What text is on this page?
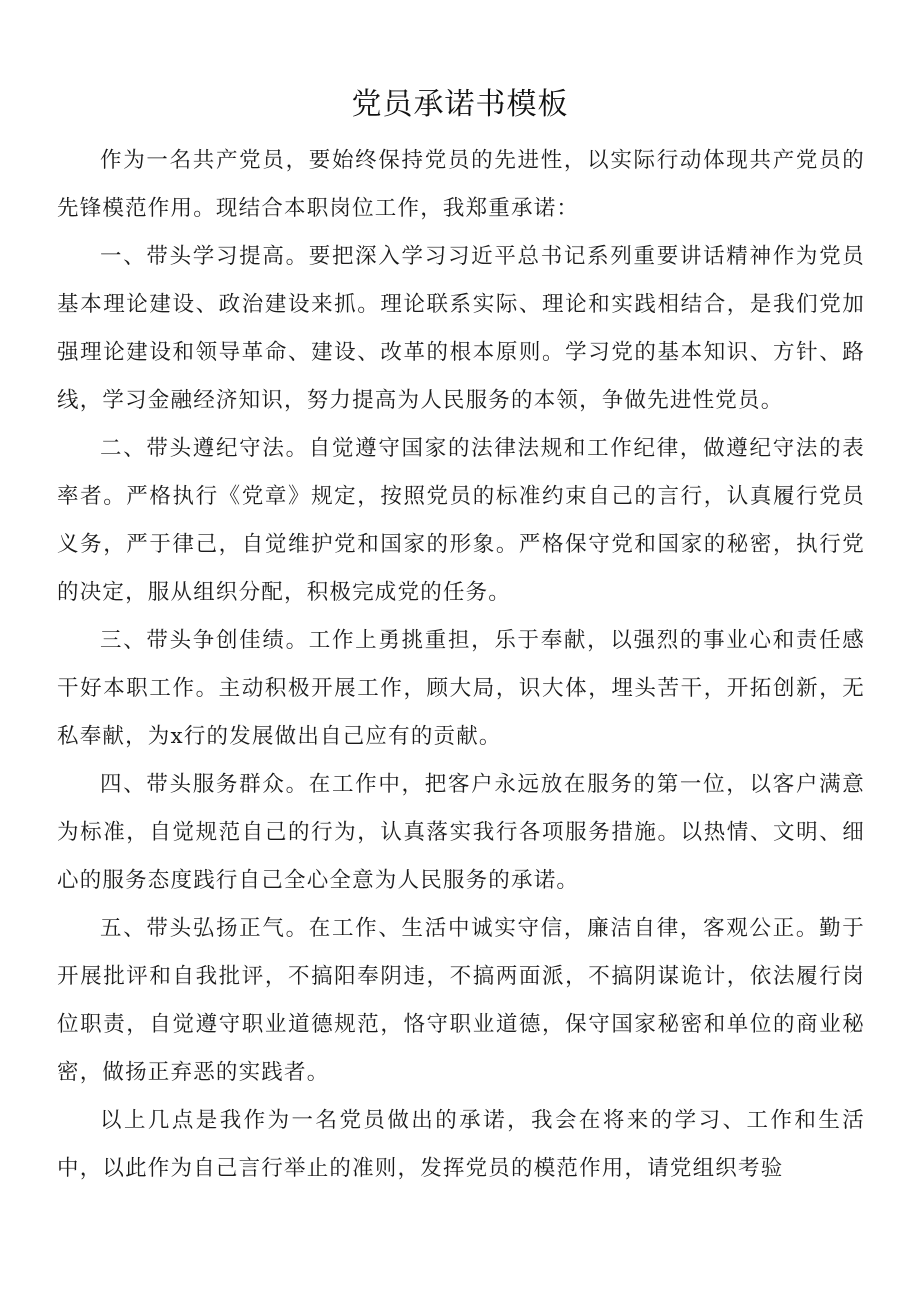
党员承诺书模板

作为一名共产党员，要始终保持党员的先进性，以实际行动体现共产党员的先锋模范作用。现结合本职岗位工作，我郑重承诺：

一、带头学习提高。要把深入学习习近平总书记系列重要讲话精神作为党员基本理论建设、政治建设来抓。理论联系实际、理论和实践相结合，是我们党加强理论建设和领导革命、建设、改革的根本原则。学习党的基本知识、方针、路线，学习金融经济知识，努力提高为人民服务的本领，争做先进性党员。

二、带头遵纪守法。自觉遵守国家的法律法规和工作纪律，做遵纪守法的表率者。严格执行《党章》规定，按照党员的标准约束自己的言行，认真履行党员义务，严于律己，自觉维护党和国家的形象。严格保守党和国家的秘密，执行党的决定，服从组织分配，积极完成党的任务。

三、带头争创佳绩。工作上勇挑重担，乐于奉献，以强烈的事业心和责任感干好本职工作。主动积极开展工作，顾大局，识大体，埋头苦干，开拓创新，无私奉献，为x行的发展做出自己应有的贡献。

四、带头服务群众。在工作中，把客户永远放在服务的第一位，以客户满意为标准，自觉规范自己的行为，认真落实我行各项服务措施。以热情、文明、细心的服务态度践行自己全心全意为人民服务的承诺。

五、带头弘扬正气。在工作、生活中诚实守信，廉洁自律，客观公正。勤于开展批评和自我批评，不搞阳奉阴违，不搞两面派，不搞阴谋诡计，依法履行岗位职责，自觉遵守职业道德规范，恪守职业道德，保守国家秘密和单位的商业秘密，做扬正弃恶的实践者。

以上几点是我作为一名党员做出的承诺，我会在将来的学习、工作和生活中，以此作为自己言行举止的准则，发挥党员的模范作用，请党组织考验
